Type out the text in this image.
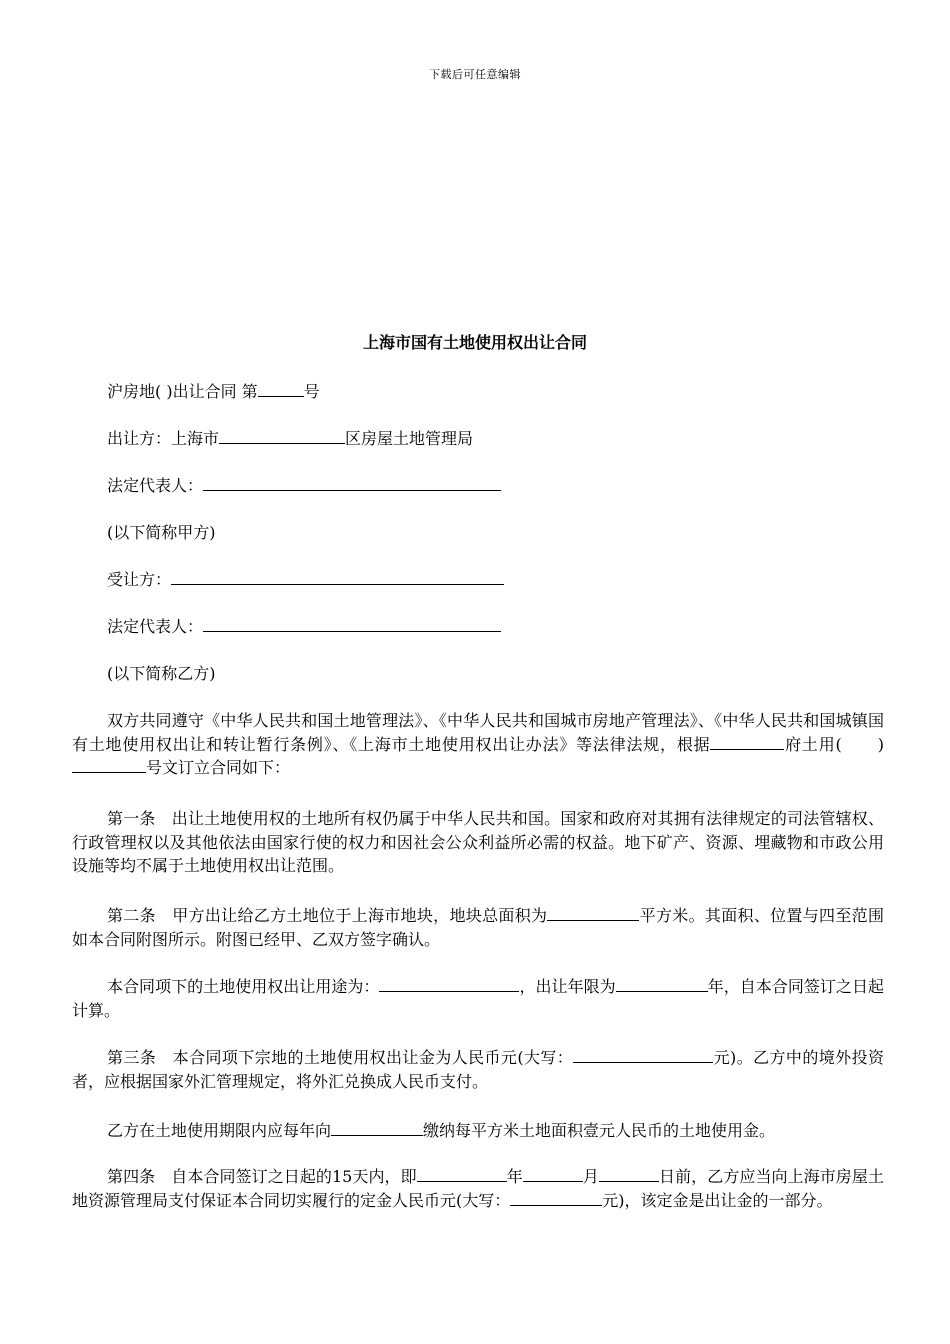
下载后可任意编辑
上海市国有土地使用权出让合同
沪房地( )出让合同 第	号
出让方：上海市	区房屋土地管理局
法定代表人：
(以下简称甲方)
受让方：
法定代表人：
(以下简称乙方)
双方共同遵守《中华人民共和国土地管理法》、《中华人民共和国城市房地产管理法》、《中华人民共和国城镇国有土地使用权出让和转让暂行条例》、《上海市土地使用权出让办法》等法律法规，根据	府土用( )号文订立合同如下：
第一条　出让土地使用权的土地所有权仍属于中华人民共和国。国家和政府对其拥有法律规定的司法管辖权、行政管理权以及其他依法由国家行使的权力和因社会公众利益所必需的权益。地下矿产、资源、埋藏物和市政公用设施等均不属于土地使用权出让范围。
第二条　甲方出让给乙方土地位于上海市地块，地块总面积为	平方米。其面积、位置与四至范围如本合同附图所示。附图已经甲、乙双方签字确认。
本合同项下的土地使用权出让用途为：	，出让年限为	年，自本合同签订之日起计算。
第三条　本合同项下宗地的土地使用权出让金为人民币元(大写：	元)。乙方中的境外投资者，应根据国家外汇管理规定，将外汇兑换成人民币支付。
乙方在土地使用期限内应每年向	缴纳每平方米土地面积壹元人民币的土地使用金。
第四条　自本合同签订之日起的15天内，即	年	月	日前，乙方应当向上海市房屋土地资源管理局支付保证本合同切实履行的定金人民币元(大写：	元)，该定金是出让金的一部分。
